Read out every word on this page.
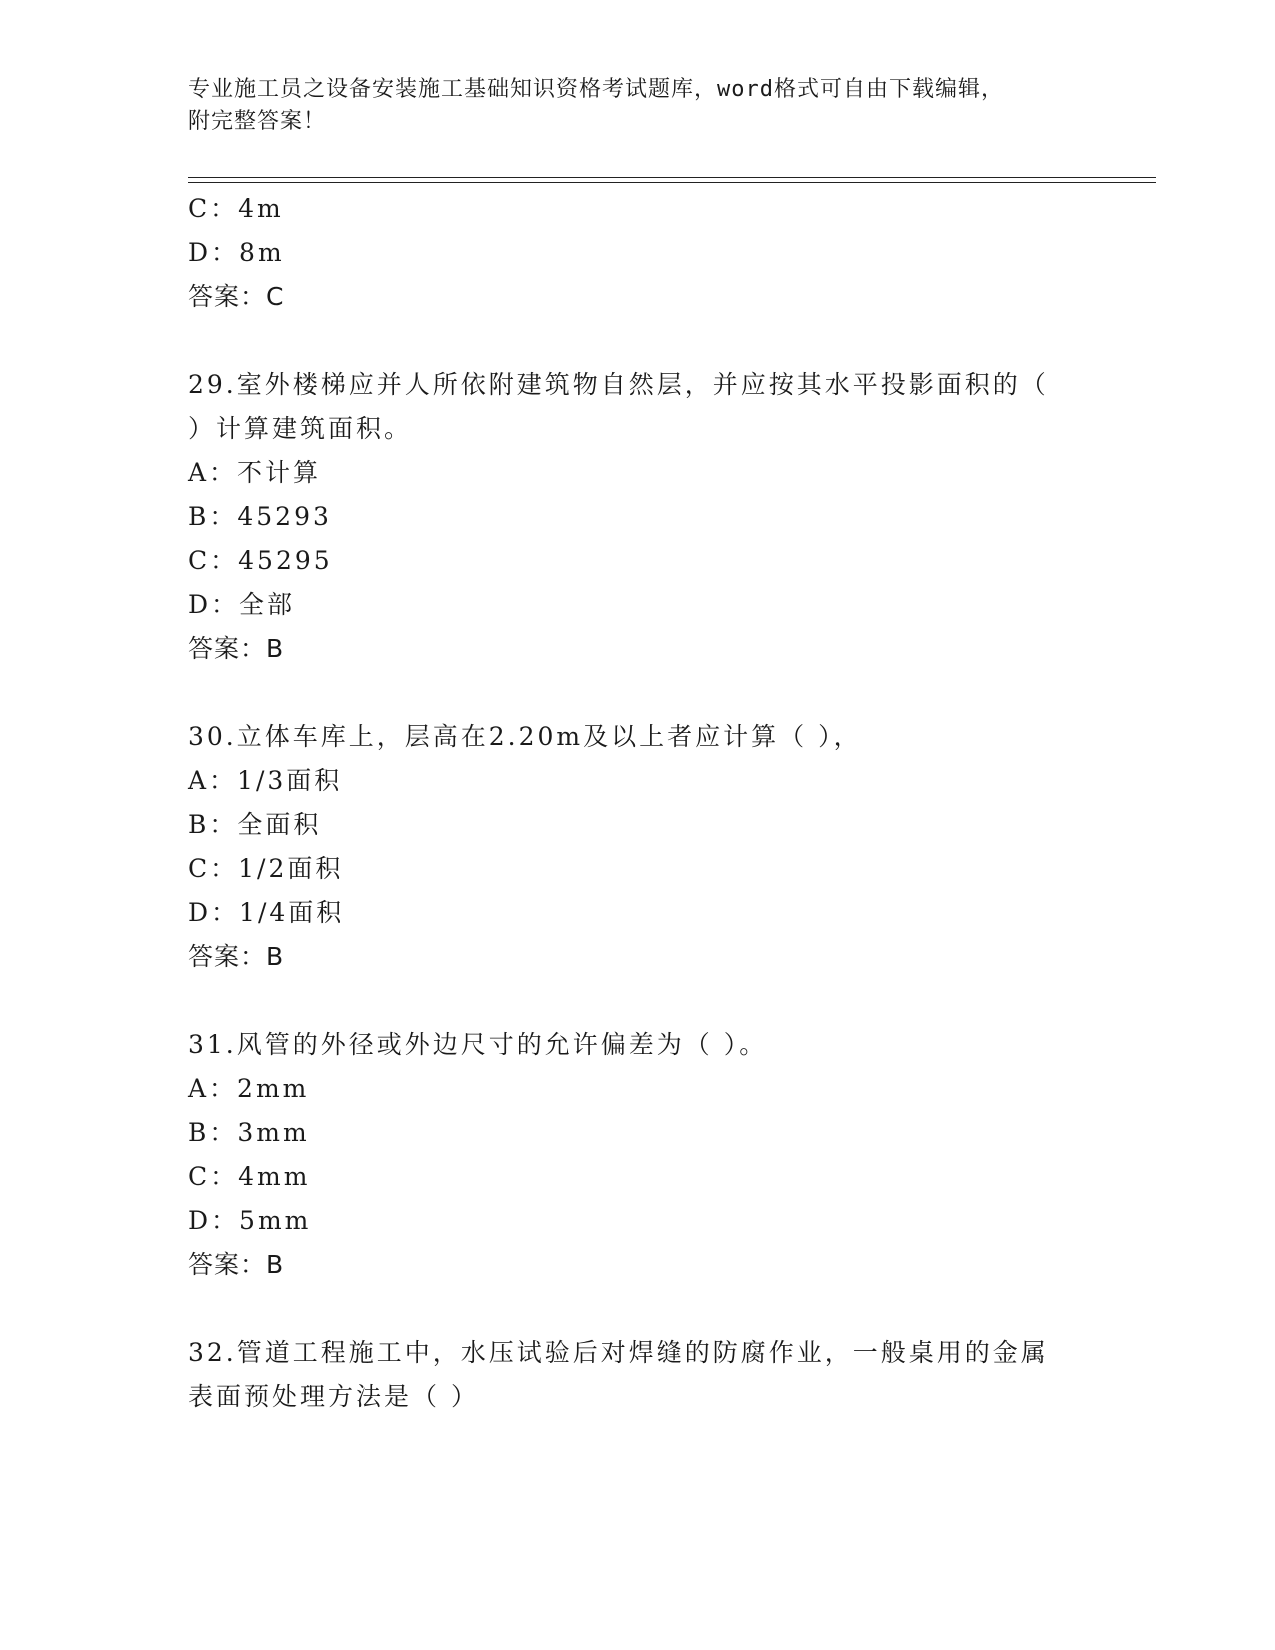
专业施工员之设备安装施工基础知识资格考试题库，word格式可自由下载编辑，
附完整答案！
C：4m
D：8m
答案：C
29.室外楼梯应并人所依附建筑物自然层，并应按其水平投影面积的（
）计算建筑面积。
A：不计算
B：45293
C：45295
D：全部
答案：B
30.立体车库上，层高在2.20m及以上者应计算（ ），
A：1/3面积
B：全面积
C：1/2面积
D：1/4面积
答案：B
31.风管的外径或外边尺寸的允许偏差为（ ）。
A：2mm
B：3mm
C：4mm
D：5mm
答案：B
32.管道工程施工中，水压试验后对焊缝的防腐作业，一般桌用的金属
表面预处理方法是（ ）
